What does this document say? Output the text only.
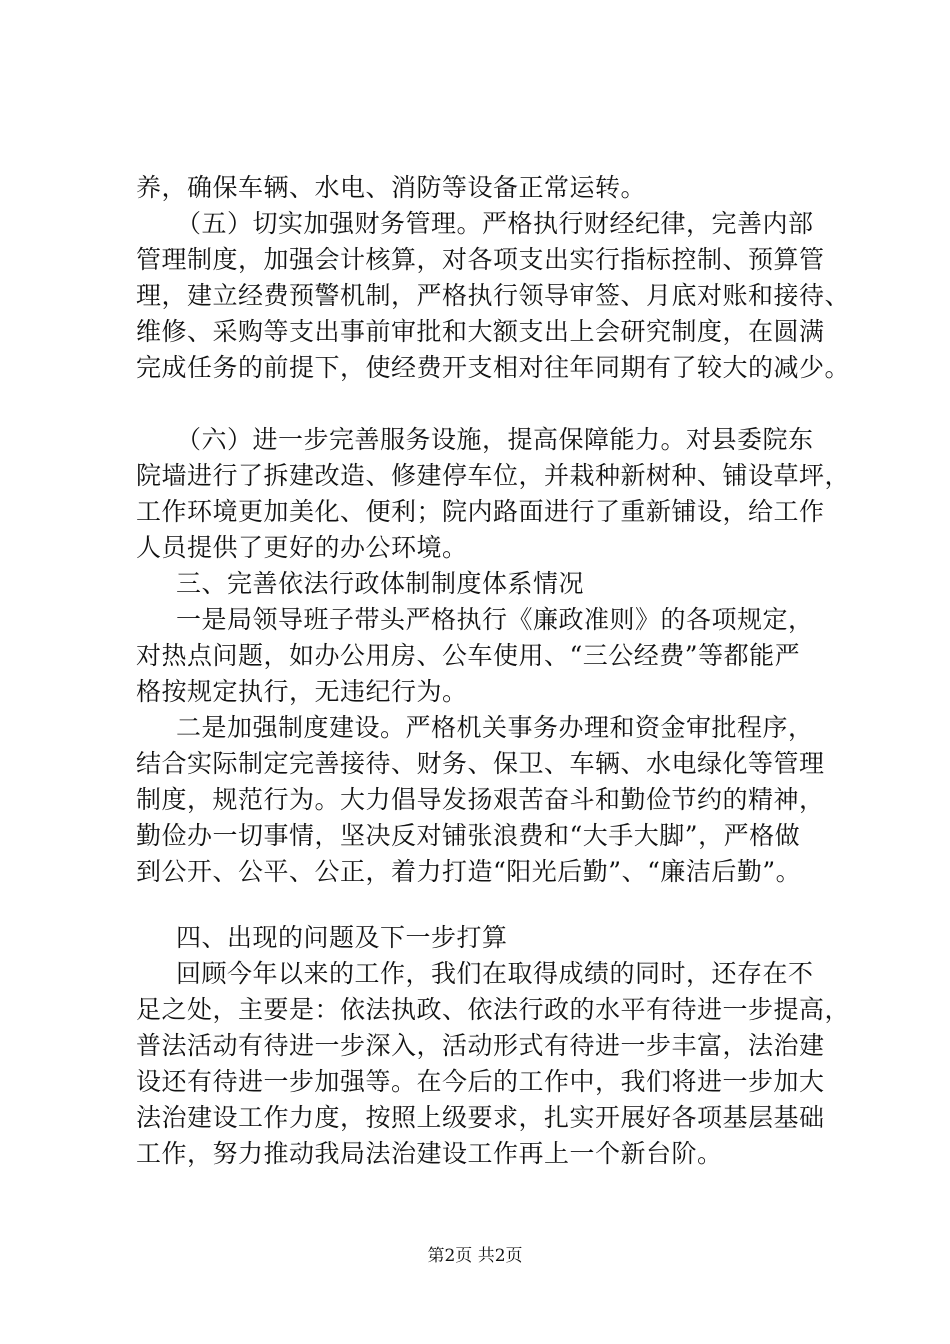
养，确保车辆、水电、消防等设备正常运转。
（五）切实加强财务管理。严格执行财经纪律，完善内部
管理制度，加强会计核算，对各项支出实行指标控制、预算管
理，建立经费预警机制，严格执行领导审签、月底对账和接待、
维修、采购等支出事前审批和大额支出上会研究制度，在圆满
完成任务的前提下，使经费开支相对往年同期有了较大的减少。
（六）进一步完善服务设施，提高保障能力。对县委院东
院墙进行了拆建改造、修建停车位，并栽种新树种、铺设草坪，
工作环境更加美化、便利；院内路面进行了重新铺设，给工作
人员提供了更好的办公环境。
三、完善依法行政体制制度体系情况
一是局领导班子带头严格执行《廉政准则》的各项规定，
对热点问题，如办公用房、公车使用、“三公经费”等都能严
格按规定执行，无违纪行为。
二是加强制度建设。严格机关事务办理和资金审批程序，
结合实际制定完善接待、财务、保卫、车辆、水电绿化等管理
制度，规范行为。大力倡导发扬艰苦奋斗和勤俭节约的精神，
勤俭办一切事情，坚决反对铺张浪费和“大手大脚”，严格做
到公开、公平、公正，着力打造“阳光后勤”、“廉洁后勤”。
四、出现的问题及下一步打算
回顾今年以来的工作，我们在取得成绩的同时，还存在不
足之处，主要是：依法执政、依法行政的水平有待进一步提高，
普法活动有待进一步深入，活动形式有待进一步丰富，法治建
设还有待进一步加强等。在今后的工作中，我们将进一步加大
法治建设工作力度，按照上级要求，扎实开展好各项基层基础
工作，努力推动我局法治建设工作再上一个新台阶。
第2页 共2页
